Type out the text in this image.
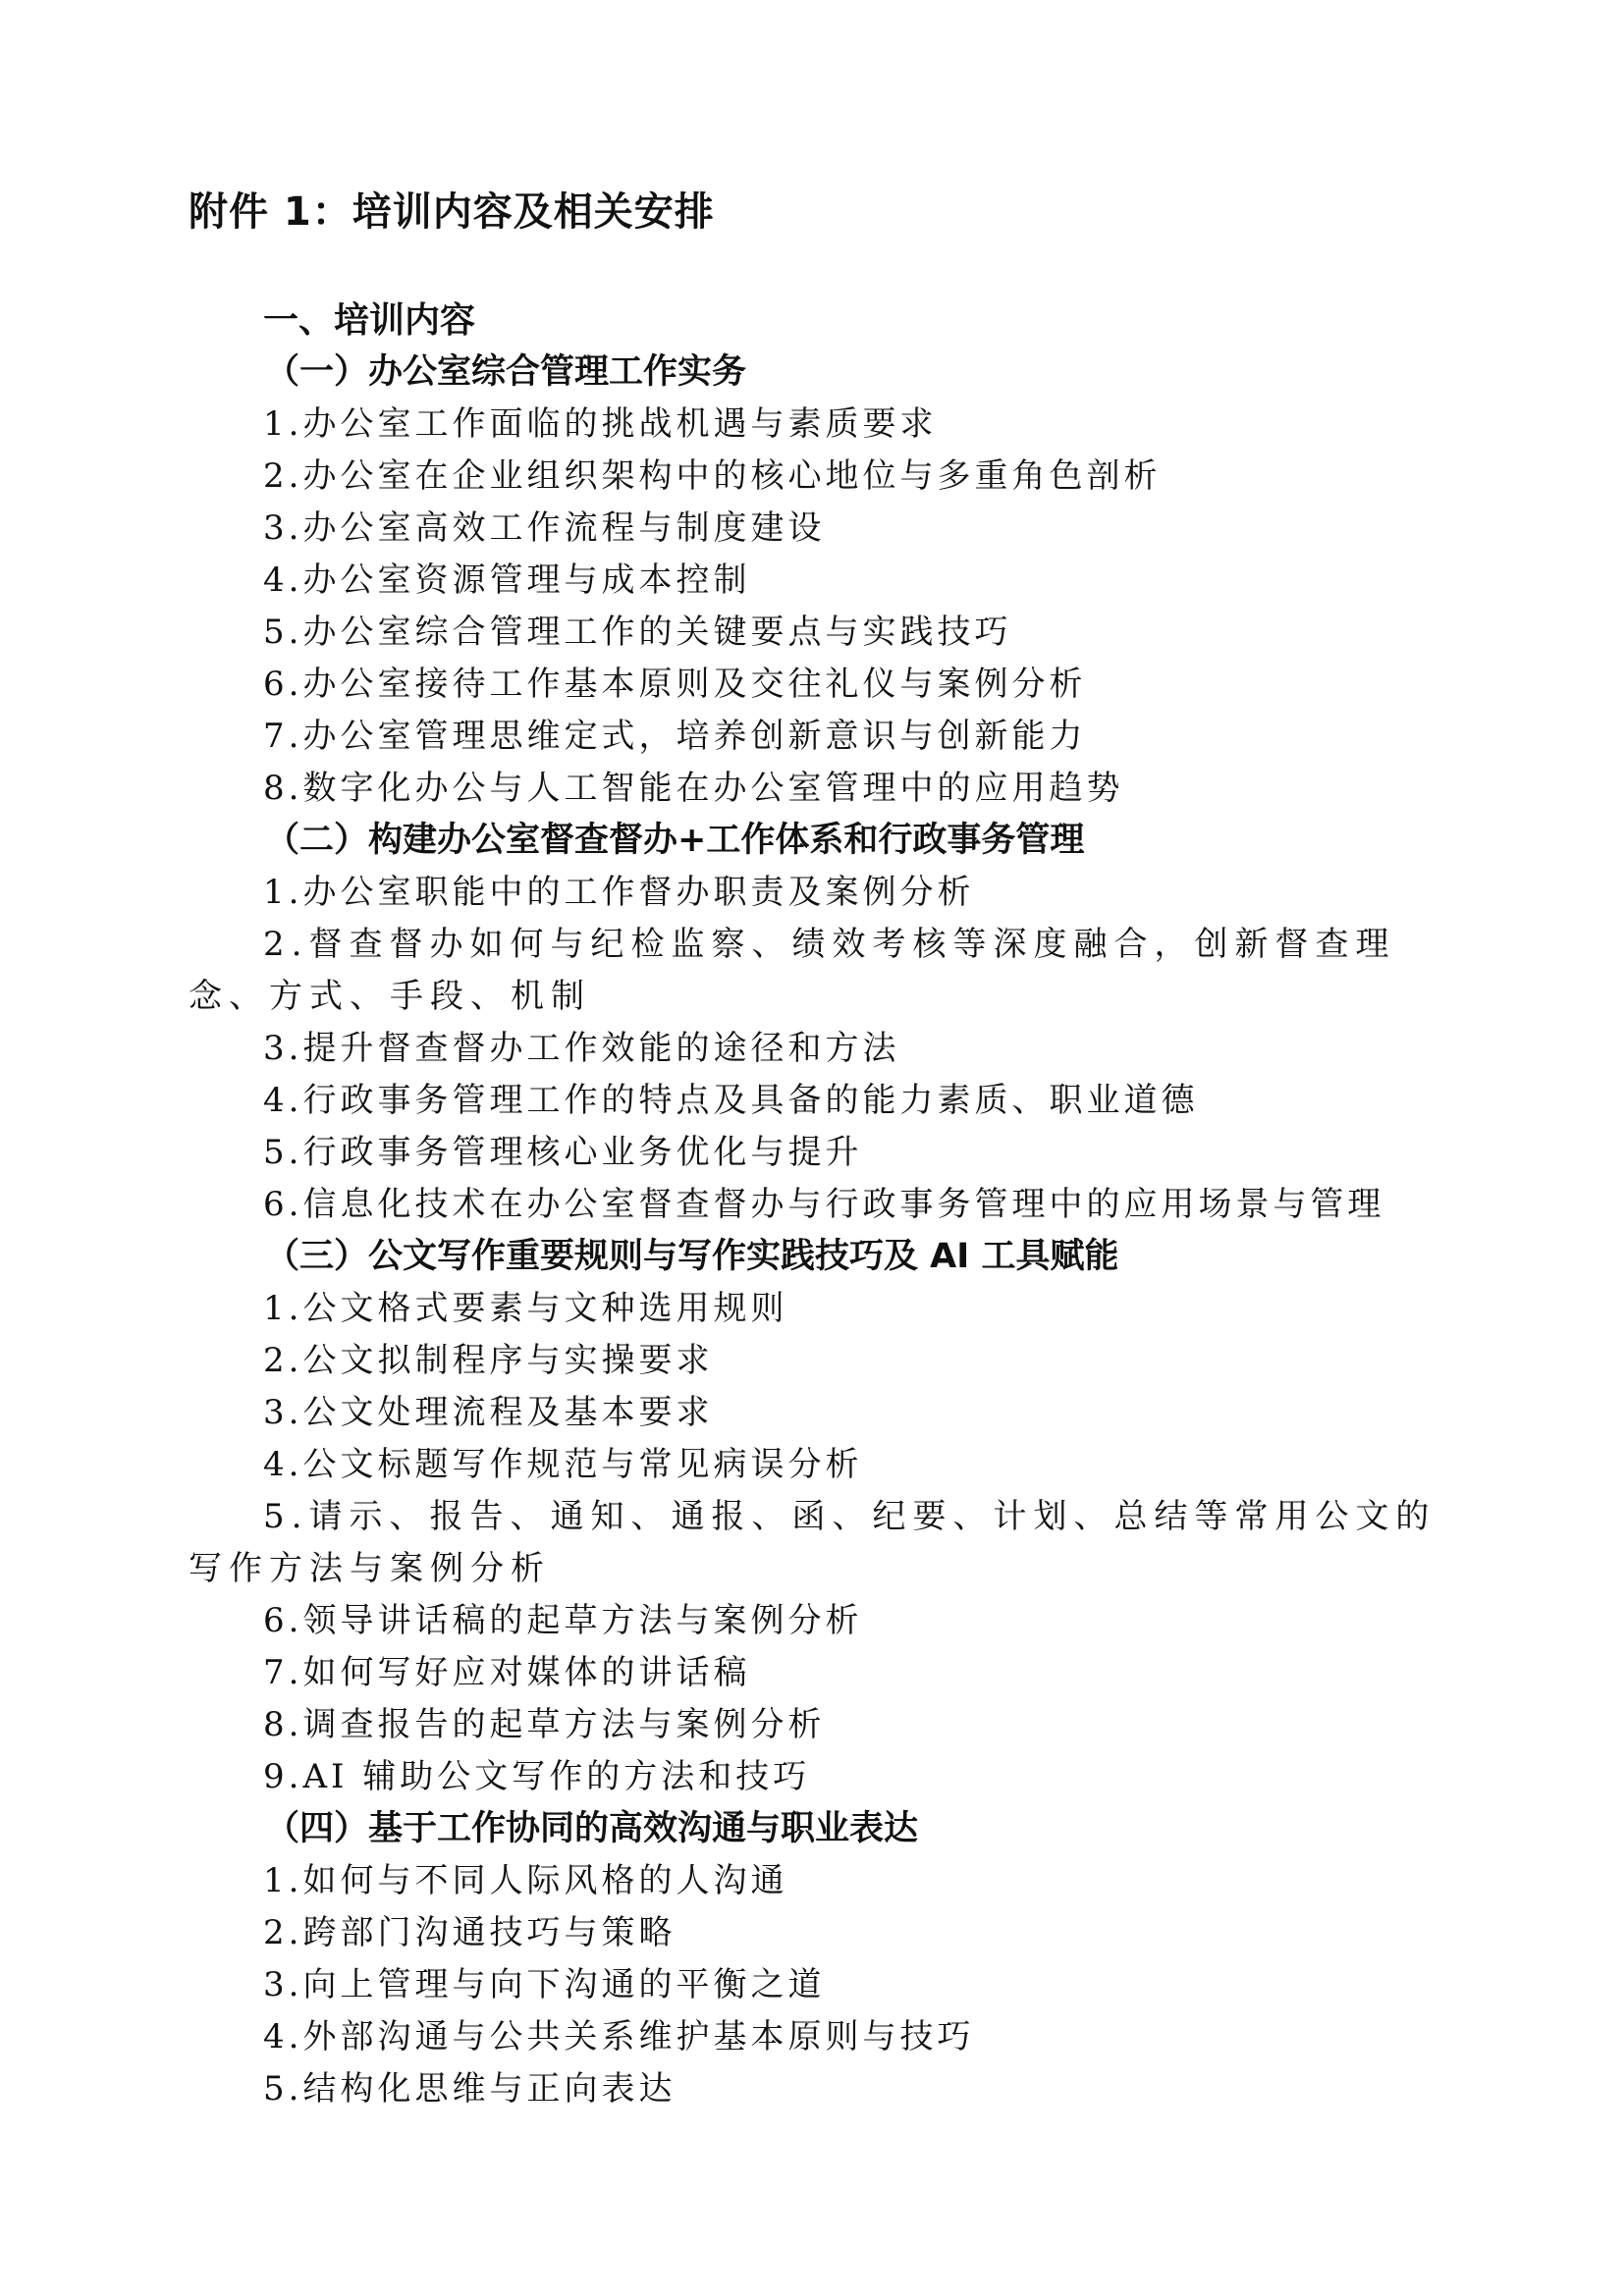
附件 1：培训内容及相关安排
一、培训内容
（一）办公室综合管理工作实务
1.办公室工作面临的挑战机遇与素质要求
2.办公室在企业组织架构中的核心地位与多重角色剖析
3.办公室高效工作流程与制度建设
4.办公室资源管理与成本控制
5.办公室综合管理工作的关键要点与实践技巧
6.办公室接待工作基本原则及交往礼仪与案例分析
7.办公室管理思维定式，培养创新意识与创新能力
8.数字化办公与人工智能在办公室管理中的应用趋势
（二）构建办公室督查督办+工作体系和行政事务管理
1.办公室职能中的工作督办职责及案例分析
2.督查督办如何与纪检监察、绩效考核等深度融合，创新督查理念、方式、手段、机制
3.提升督查督办工作效能的途径和方法
4.行政事务管理工作的特点及具备的能力素质、职业道德
5.行政事务管理核心业务优化与提升
6.信息化技术在办公室督查督办与行政事务管理中的应用场景与管理
（三）公文写作重要规则与写作实践技巧及 AI 工具赋能
1.公文格式要素与文种选用规则
2.公文拟制程序与实操要求
3.公文处理流程及基本要求
4.公文标题写作规范与常见病误分析
5.请示、报告、通知、通报、函、纪要、计划、总结等常用公文的写作方法与案例分析
6.领导讲话稿的起草方法与案例分析
7.如何写好应对媒体的讲话稿
8.调查报告的起草方法与案例分析
9.AI 辅助公文写作的方法和技巧
（四）基于工作协同的高效沟通与职业表达
1.如何与不同人际风格的人沟通
2.跨部门沟通技巧与策略
3.向上管理与向下沟通的平衡之道
4.外部沟通与公共关系维护基本原则与技巧
5.结构化思维与正向表达
